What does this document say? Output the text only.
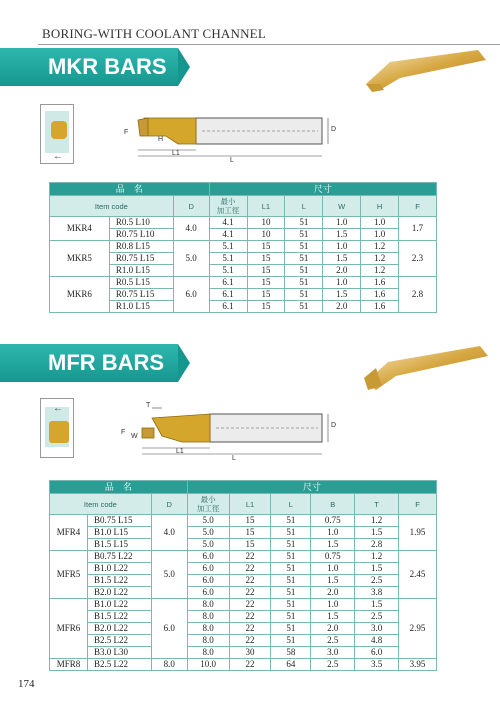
BORING-WITH COOLANT CHANNEL
MKR BARS
←
F
H
L1
L
D
品　名			尺寸					
Item code		D	最小
加工徑	L1	L	W	H	F
MKR4	R0.5 L10	4.0	4.1	10	51	1.0	1.0	1.7
	R0.75 L10		4.1	10	51	1.5	1.0	
MKR5	R0.8 L15	5.0	5.1	15	51	1.0	1.2	2.3
	R0.75 L15		5.1	15	51	1.5	1.2	
	R1.0 L15		5.1	15	51	2.0	1.2	
MKR6	R0.5 L15	6.0	6.1	15	51	1.0	1.6	2.8
	R0.75 L15		6.1	15	51	1.5	1.6	
	R1.0 L15		6.1	15	51	2.0	1.6	
MFR BARS
←	T
F
W
L1
L
D
品　名			尺寸					
Item code		D	最小
加工徑	L1	L	B	T	F
MFR4	B0.75 L15	4.0	5.0	15	51	0.75	1.2	1.95
	B1.0 L15		5.0	15	51	1.0	1.5	
	B1.5 L15		5.0	15	51	1.5	2.8	
MFR5	B0.75 L22	5.0	6.0	22	51	0.75	1.2	2.45
	B1.0 L22		6.0	22	51	1.0	1.5	
	B1.5 L22		6.0	22	51	1.5	2.5	
	B2.0 L22		6.0	22	51	2.0	3.8	
MFR6	B1.0 L22	6.0	8.0	22	51	1.0	1.5	2.95
	B1.5 L22		8.0	22	51	1.5	2.5	
	B2.0 L22		8.0	22	51	2.0	3.0	
	B2.5 L22		8.0	22	51	2.5	4.8	
	B3.0 L30		8.0	30	58	3.0	6.0	
MFR8	B2.5 L22	8.0	10.0	22	64	2.5	3.5	3.95
174
